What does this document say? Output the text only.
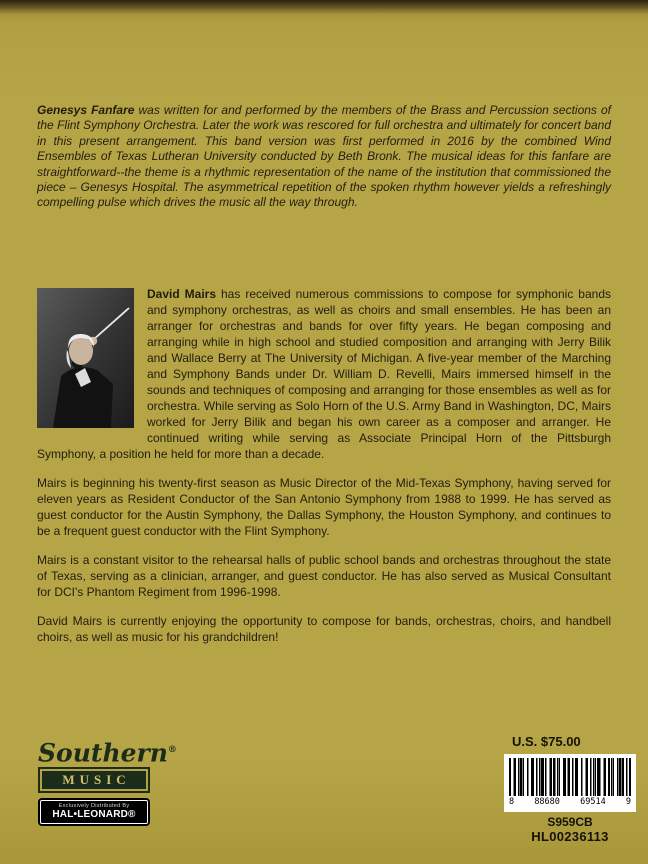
Genesys Fanfare was written for and performed by the members of the Brass and Percussion sections of the Flint Symphony Orchestra. Later the work was rescored for full orchestra and ultimately for concert band in this present arrangement. This band version was first performed in 2016 by the combined Wind Ensembles of Texas Lutheran University conducted by Beth Bronk. The musical ideas for this fanfare are straightforward--the theme is a rhythmic representation of the name of the institution that commissioned the piece – Genesys Hospital. The asymmetrical repetition of the spoken rhythm however yields a refreshingly compelling pulse which drives the music all the way through.

David Mairs has received numerous commissions to compose for symphonic bands and symphony orchestras, as well as choirs and small ensembles. He has been an arranger for orchestras and bands for over fifty years. He began composing and arranging while in high school and studied composition and arranging with Jerry Bilik and Wallace Berry at The University of Michigan. A five-year member of the Marching and Symphony Bands under Dr. William D. Revelli, Mairs immersed himself in the sounds and techniques of composing and arranging for those ensembles as well as for orchestra. While serving as Solo Horn of the U.S. Army Band in Washington, DC, Mairs worked for Jerry Bilik and began his own career as a composer and arranger. He continued writing while serving as Associate Principal Horn of the Pittsburgh Symphony, a position he held for more than a decade.

Mairs is beginning his twenty-first season as Music Director of the Mid-Texas Symphony, having served for eleven years as Resident Conductor of the San Antonio Symphony from 1988 to 1999. He has served as guest conductor for the Austin Symphony, the Dallas Symphony, the Houston Symphony, and continues to be a frequent guest conductor with the Flint Symphony.

Mairs is a constant visitor to the rehearsal halls of public school bands and orchestras throughout the state of Texas, serving as a clinician, arranger, and guest conductor. He has also served as Musical Consultant for DCI's Phantom Regiment from 1996-1998.

David Mairs is currently enjoying the opportunity to compose for bands, orchestras, choirs, and handbell choirs, as well as music for his grandchildren!

Southern®
MUSIC
Exclusively Distributed By
HAL•LEONARD®
U.S. $75.00
8 88680 69514 9
S959CB
HL00236113
